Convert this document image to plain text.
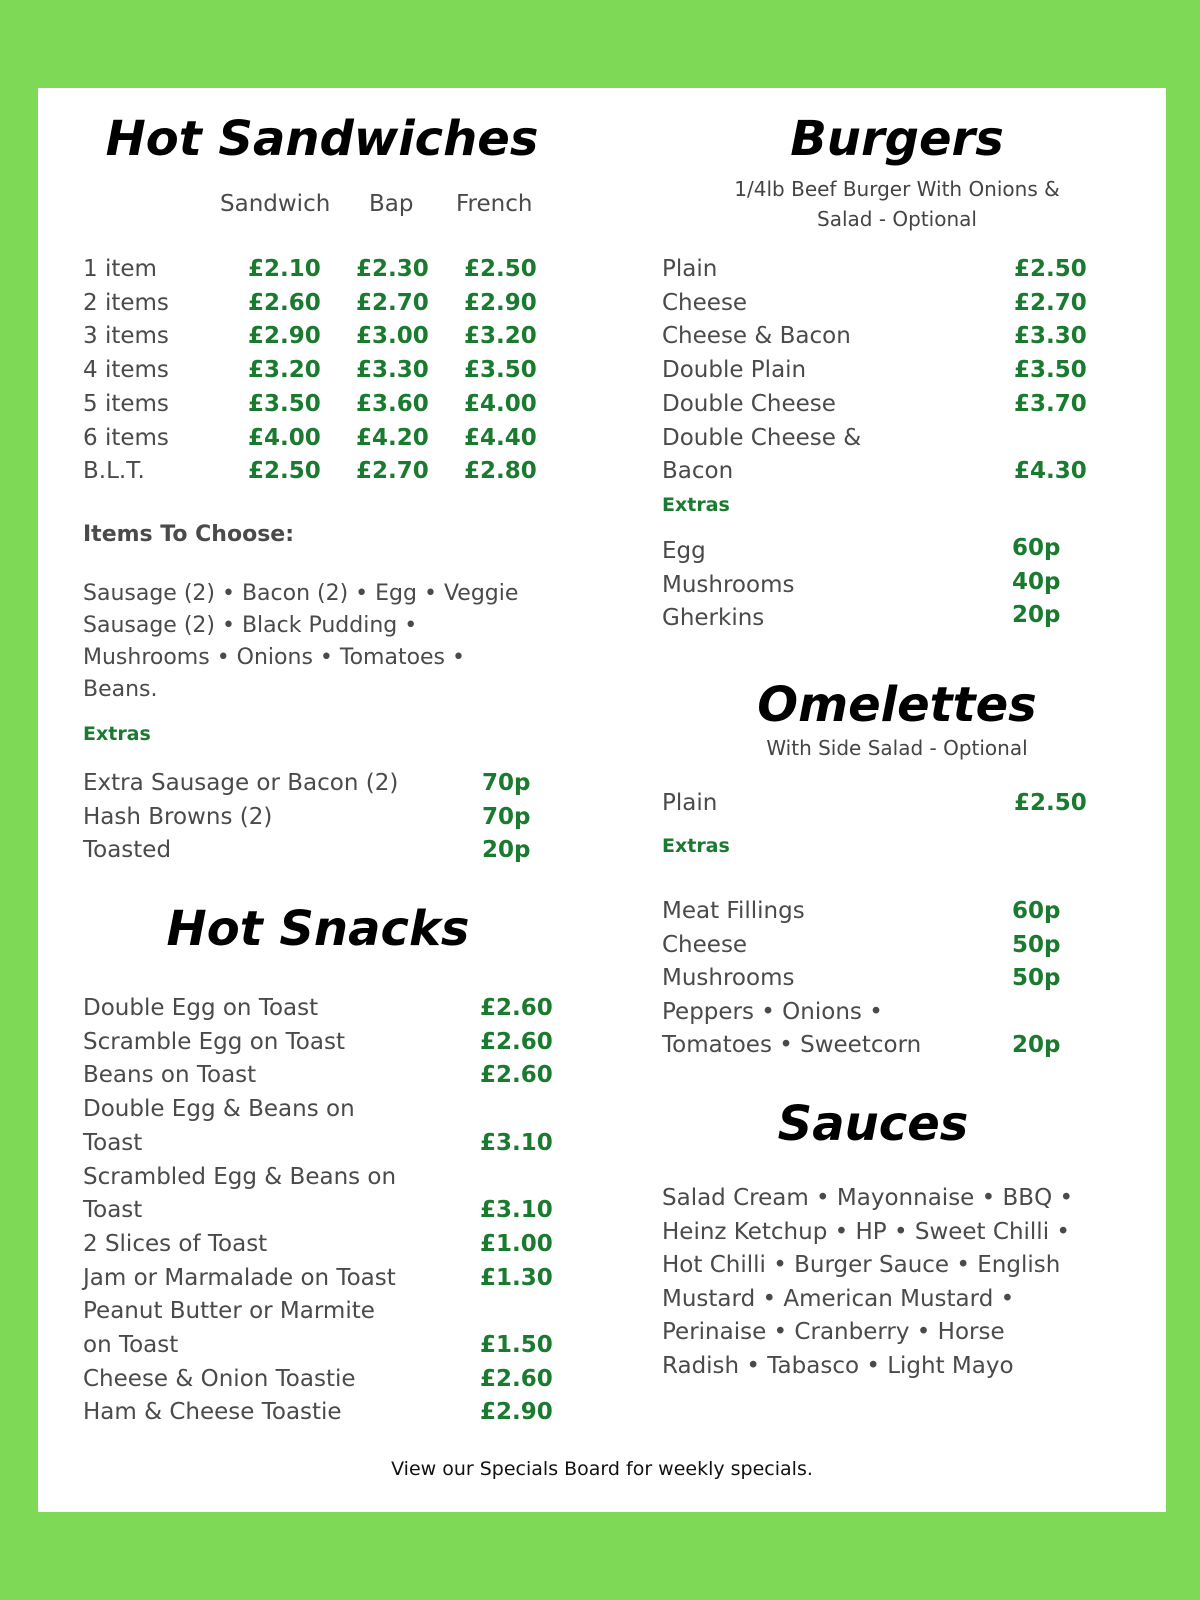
Hot Sandwiches
Sandwich Bap French
1 item	£2.10 £2.30 £2.50
2 items	£2.60 £2.70 £2.90
3 items	£2.90 £3.00 £3.20
4 items	£3.20 £3.30 £3.50
5 items	£3.50 £3.60 £4.00
6 items	£4.00 £4.20 £4.40
B.L.T.	£2.50 £2.70 £2.80
Items To Choose:
Sausage (2) • Bacon (2) • Egg • Veggie
Sausage (2) • Black Pudding •
Mushrooms • Onions • Tomatoes •
Beans.
Extras
Extra Sausage or Bacon (2)	70p
Hash Browns (2)	70p
Toasted	20p
Hot Snacks
Double Egg on Toast	£2.60
Scramble Egg on Toast	£2.60
Beans on Toast	£2.60
Double Egg & Beans on
Toast	£3.10
Scrambled Egg & Beans on
Toast	£3.10
2 Slices of Toast	£1.00
Jam or Marmalade on Toast	£1.30
Peanut Butter or Marmite
on Toast	£1.50
Cheese & Onion Toastie	£2.60
Ham & Cheese Toastie	£2.90
Burgers
1/4lb Beef Burger With Onions &
Salad - Optional
Plain	£2.50
Cheese	£2.70
Cheese & Bacon	£3.30
Double Plain	£3.50
Double Cheese	£3.70
Double Cheese &
Bacon	£4.30
Extras
Egg	60p
Mushrooms	40p
Gherkins	20p
Omelettes
With Side Salad - Optional
Plain	£2.50
Extras
Meat Fillings	60p
Cheese	50p
Mushrooms	50p
Peppers • Onions •
Tomatoes • Sweetcorn	20p
Sauces
Salad Cream • Mayonnaise • BBQ •
Heinz Ketchup • HP • Sweet Chilli •
Hot Chilli • Burger Sauce • English
Mustard • American Mustard •
Perinaise • Cranberry • Horse
Radish • Tabasco • Light Mayo
View our Specials Board for weekly specials.
